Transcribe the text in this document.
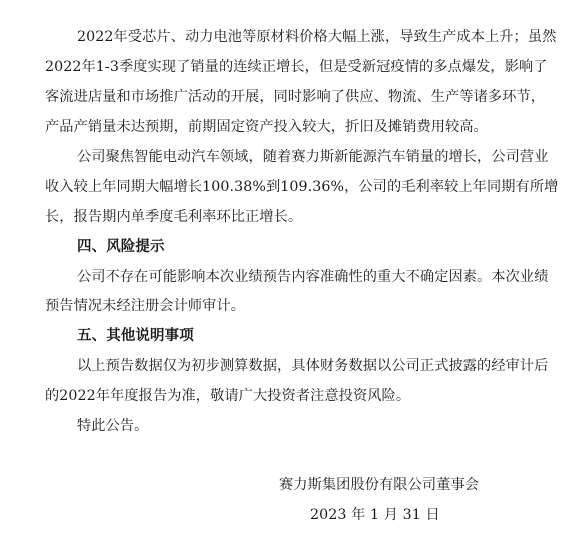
2022年受芯片、动力电池等原材料价格大幅上涨，导致生产成本上升；虽然
2022年1-3季度实现了销量的连续正增长，但是受新冠疫情的多点爆发，影响了
客流进店量和市场推广活动的开展，同时影响了供应、物流、生产等诸多环节，
产品产销量未达预期，前期固定资产投入较大，折旧及摊销费用较高。
公司聚焦智能电动汽车领域，随着赛力斯新能源汽车销量的增长，公司营业
收入较上年同期大幅增长100.38%到109.36%，公司的毛利率较上年同期有所增
长，报告期内单季度毛利率环比正增长。
四、风险提示
公司不存在可能影响本次业绩预告内容准确性的重大不确定因素。本次业绩
预告情况未经注册会计师审计。
五、其他说明事项
以上预告数据仅为初步测算数据，具体财务数据以公司正式披露的经审计后
的2022年年度报告为准，敬请广大投资者注意投资风险。
特此公告。
赛力斯集团股份有限公司董事会
2023 年 1 月 31 日
